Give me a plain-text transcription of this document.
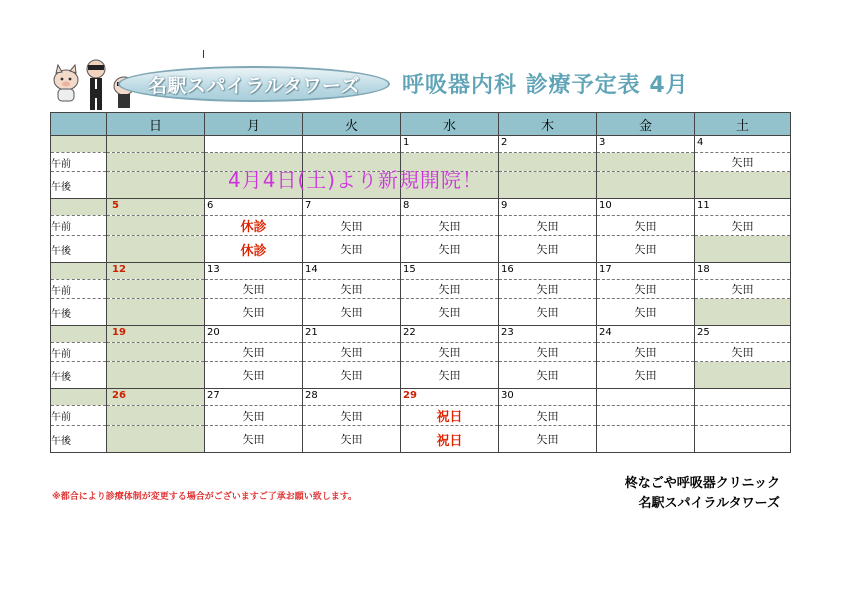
名駅スパイラルタワーズ 呼吸器内科 診療予定表 4月
	日	月	火	水	木	金	土

				1	2	3	4

午前							矢田
午後							

	5	6	7	8	9	10	11

午前		休診	矢田	矢田	矢田	矢田	矢田
午後		休診	矢田	矢田	矢田	矢田	

	12	13	14	15	16	17	18

午前		矢田	矢田	矢田	矢田	矢田	矢田
午後		矢田	矢田	矢田	矢田	矢田	

	19	20	21	22	23	24	25

午前		矢田	矢田	矢田	矢田	矢田	矢田
午後		矢田	矢田	矢田	矢田	矢田	

	26	27	28	29	30		

午前		矢田	矢田	祝日	矢田		
午後		矢田	矢田	祝日	矢田		
4月4日(土)より新規開院！
※都合により診療体制が変更する場合がございますご了承お願い致します。
柊なごや呼吸器クリニック
名駅スパイラルタワーズ
